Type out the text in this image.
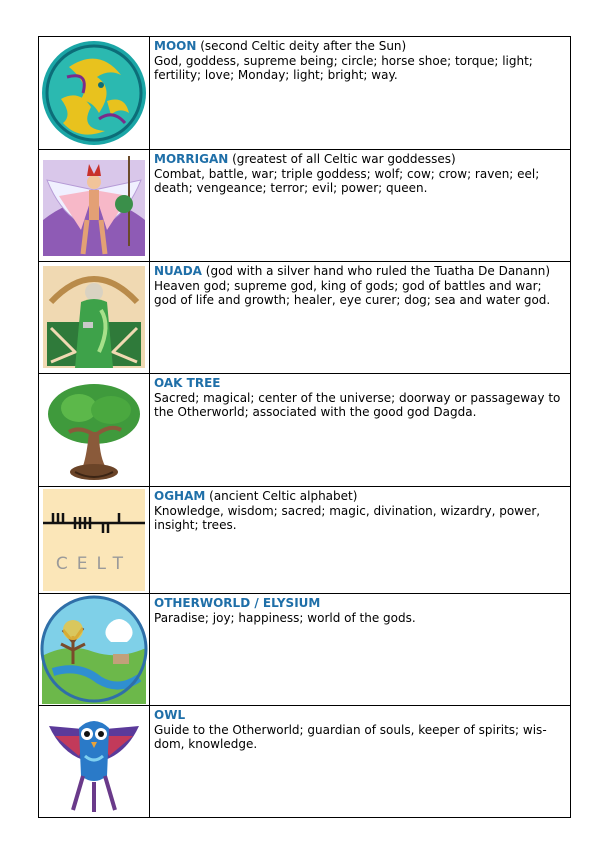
	MOON (second Celtic deity after the Sun)
God, goddess, supreme being; circle; horse shoe; torque; light; fertility; love; Monday; light; bright; way.

	MORRIGAN (greatest of all Celtic war goddesses)
Combat, battle, war; triple goddess; wolf; cow; crow; raven; eel; death; vengeance; terror; evil; power; queen.

	NUADA (god with a silver hand who ruled the Tuatha De Danann)
Heaven god; supreme god, king of gods; god of battles and war; god of life and growth; healer, eye curer; dog; sea and water god.

	OAK TREE
Sacred; magical; center of the universe; doorway or passageway to the Otherworld; associated with the good god Dagda.

CELT	OGHAM (ancient Celtic alphabet)
Knowledge, wisdom; sacred; magic, divination, wizardry, power, insight; trees.

	OTHERWORLD / ELYSIUM
Paradise; joy; happiness; world of the gods.

	OWL
Guide to the Otherworld; guardian of souls, keeper of spirits; wis-dom, knowledge.
